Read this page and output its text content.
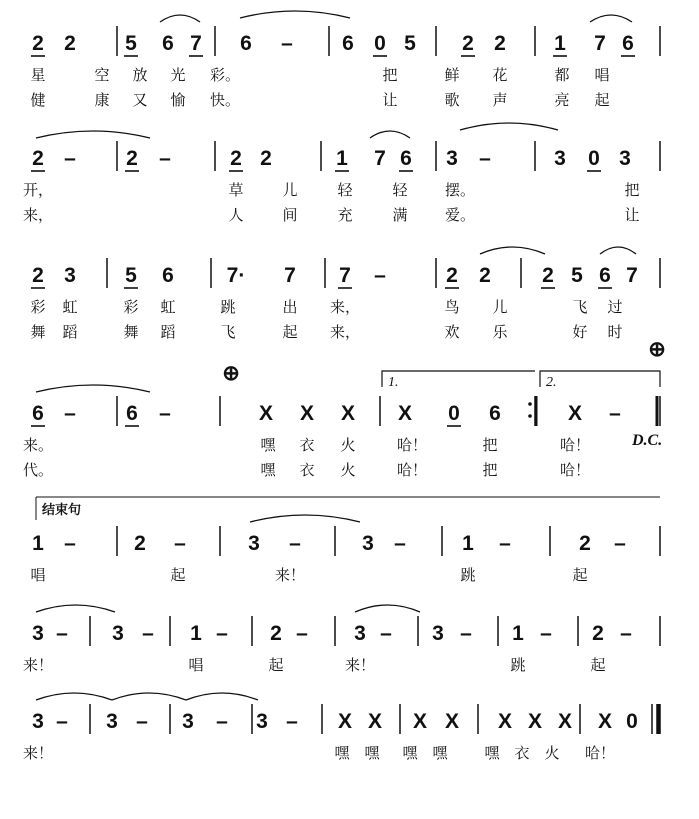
2 2 5 6 7 6 – 6 0 5 2 2 1 7 6
星	空 放 光 彩。	把	鲜 花	都 唱
健	康 又 愉 快。	让	歌 声	亮 起
2 – 2 –	2 2	1 7 6 3 –	3 0 3
开，	草	儿	轻	轻 摆。	把
来，	人	间	充	满 爱。	让
2 3 5 6	7· 7 7 –	2 2 2 5 6 7
彩 虹	彩 虹	跳	出 来，	鸟 儿	飞 过
舞 蹈	舞 蹈	飞	起 来，	欢 乐	好 时
6 – 6 –	X X X X 0 6	X –
来。	嘿 衣 火	哈！	把	哈！
代。	嘿 衣 火	哈！	把	哈！
1 –	2 –	3 –	3 –	1 –	2 –
唱	起	来！	跳	起
3 – 3 – 1 – 2 – 3 – 3 – 1 – 2 –
来！	唱	起	来！	跳	起
3 – 3 – 3 – 3 – X X X X X X X X 0
来！	嘿 嘿 嘿 嘿 嘿 衣 火 哈！
1.	2.
⊕
⊕
D.C.
结束句
